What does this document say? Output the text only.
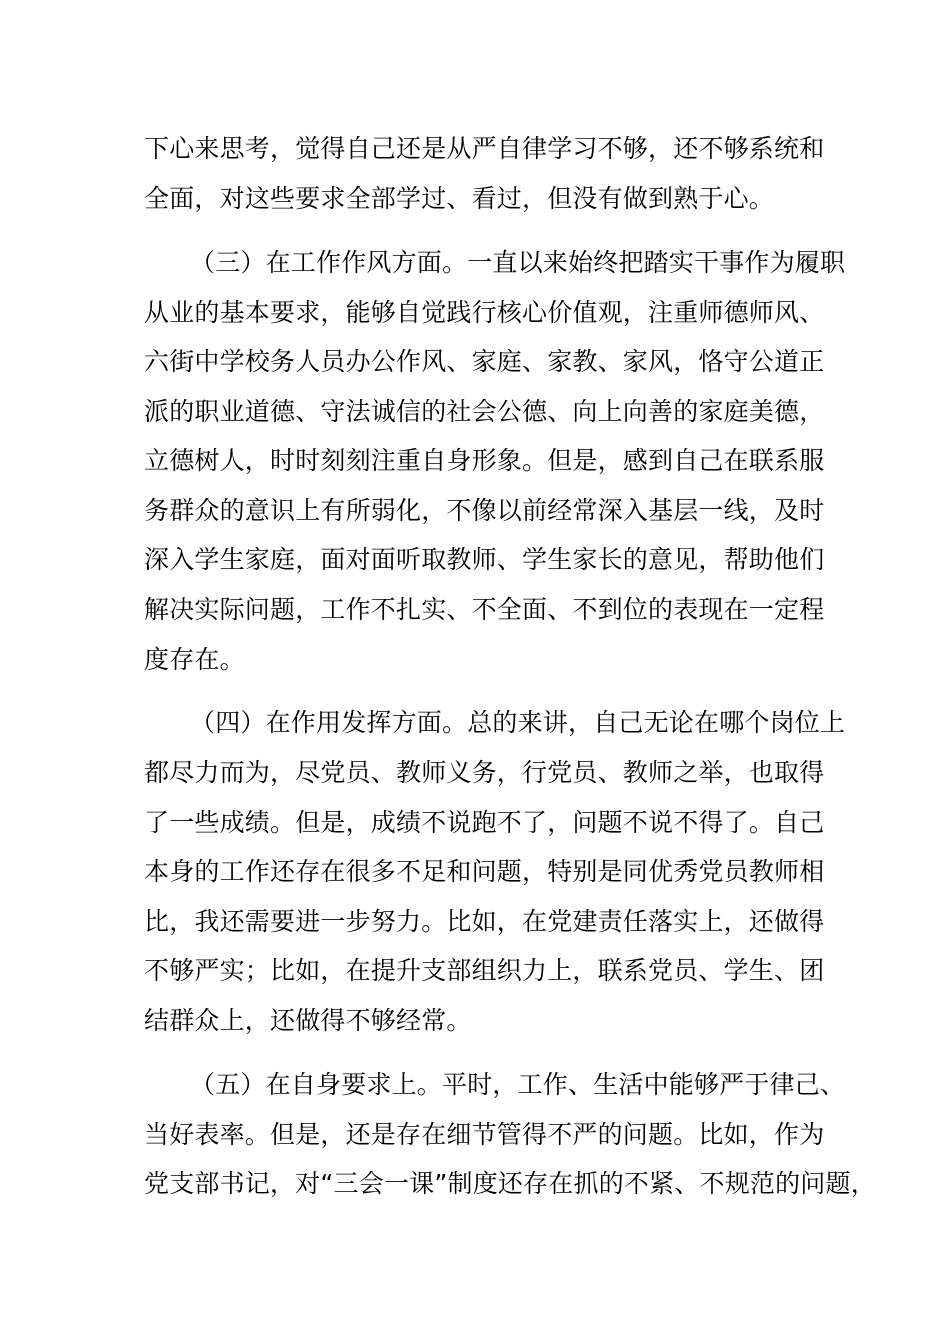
下心来思考，觉得自己还是从严自律学习不够，还不够系统和
全面，对这些要求全部学过、看过，但没有做到熟于心。
（三）在工作作风方面。一直以来始终把踏实干事作为履职
从业的基本要求，能够自觉践行核心价值观，注重师德师风、
六街中学校务人员办公作风、家庭、家教、家风，恪守公道正
派的职业道德、守法诚信的社会公德、向上向善的家庭美德，
立德树人，时时刻刻注重自身形象。但是，感到自己在联系服
务群众的意识上有所弱化，不像以前经常深入基层一线，及时
深入学生家庭，面对面听取教师、学生家长的意见，帮助他们
解决实际问题，工作不扎实、不全面、不到位的表现在一定程
度存在。
（四）在作用发挥方面。总的来讲，自己无论在哪个岗位上
都尽力而为，尽党员、教师义务，行党员、教师之举，也取得
了一些成绩。但是，成绩不说跑不了，问题不说不得了。自己
本身的工作还存在很多不足和问题，特别是同优秀党员教师相
比，我还需要进一步努力。比如，在党建责任落实上，还做得
不够严实；比如，在提升支部组织力上，联系党员、学生、团
结群众上，还做得不够经常。
（五）在自身要求上。平时，工作、生活中能够严于律己、
当好表率。但是，还是存在细节管得不严的问题。比如，作为
党支部书记，对“三会一课”制度还存在抓的不紧、不规范的问题，
